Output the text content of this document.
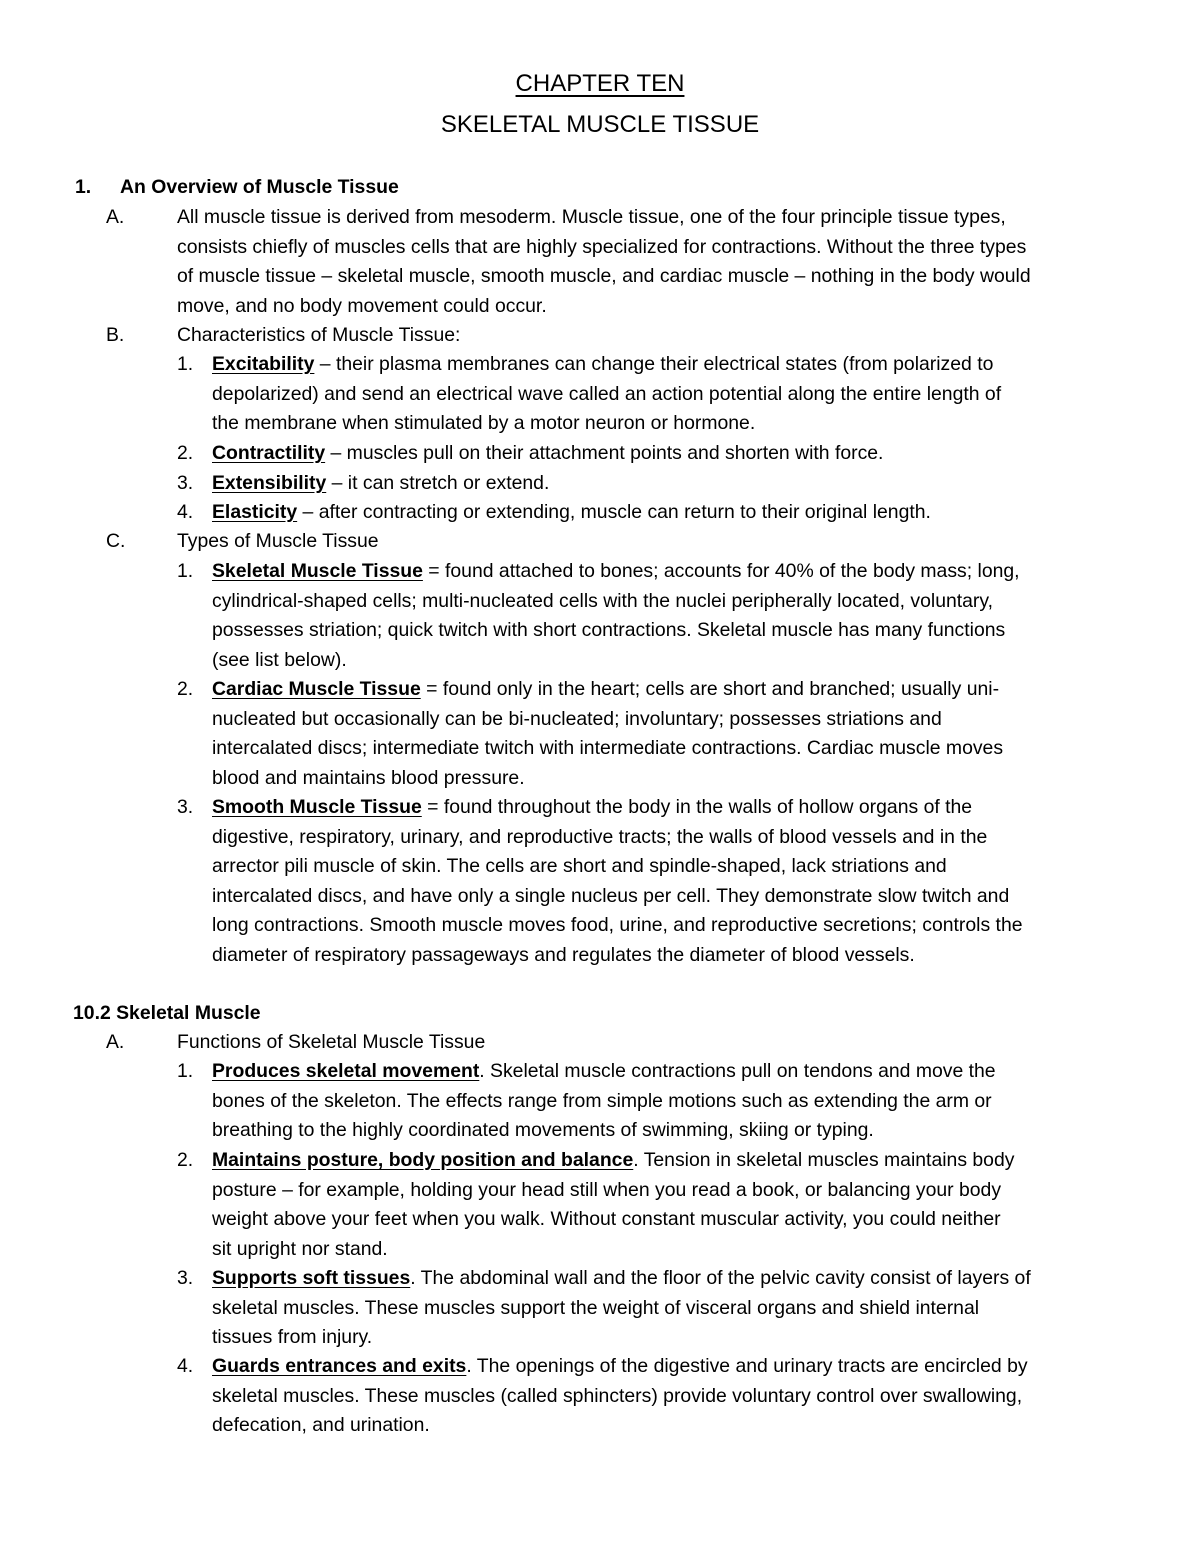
CHAPTER TEN
SKELETAL MUSCLE TISSUE
1. An Overview of Muscle Tissue
A.	All muscle tissue is derived from mesoderm. Muscle tissue, one of the four principle tissue types,
consists chiefly of muscles cells that are highly specialized for contractions. Without the three types
of muscle tissue – skeletal muscle, smooth muscle, and cardiac muscle – nothing in the body would
move, and no body movement could occur.
B.	Characteristics of Muscle Tissue:
1. Excitability – their plasma membranes can change their electrical states (from polarized to
depolarized) and send an electrical wave called an action potential along the entire length of
the membrane when stimulated by a motor neuron or hormone.
2. Contractility – muscles pull on their attachment points and shorten with force.
3. Extensibility – it can stretch or extend.
4. Elasticity – after contracting or extending, muscle can return to their original length.
C.	Types of Muscle Tissue
1. Skeletal Muscle Tissue = found attached to bones; accounts for 40% of the body mass; long,
cylindrical-shaped cells; multi-nucleated cells with the nuclei peripherally located, voluntary,
possesses striation; quick twitch with short contractions. Skeletal muscle has many functions
(see list below).
2. Cardiac Muscle Tissue = found only in the heart; cells are short and branched; usually uni-
nucleated but occasionally can be bi-nucleated; involuntary; possesses striations and
intercalated discs; intermediate twitch with intermediate contractions. Cardiac muscle moves
blood and maintains blood pressure.
3. Smooth Muscle Tissue = found throughout the body in the walls of hollow organs of the
digestive, respiratory, urinary, and reproductive tracts; the walls of blood vessels and in the
arrector pili muscle of skin. The cells are short and spindle-shaped, lack striations and
intercalated discs, and have only a single nucleus per cell. They demonstrate slow twitch and
long contractions. Smooth muscle moves food, urine, and reproductive secretions; controls the
diameter of respiratory passageways and regulates the diameter of blood vessels.
10.2 Skeletal Muscle
A.	Functions of Skeletal Muscle Tissue
1. Produces skeletal movement. Skeletal muscle contractions pull on tendons and move the
bones of the skeleton. The effects range from simple motions such as extending the arm or
breathing to the highly coordinated movements of swimming, skiing or typing.
2. Maintains posture, body position and balance. Tension in skeletal muscles maintains body
posture – for example, holding your head still when you read a book, or balancing your body
weight above your feet when you walk. Without constant muscular activity, you could neither
sit upright nor stand.
3. Supports soft tissues. The abdominal wall and the floor of the pelvic cavity consist of layers of
skeletal muscles. These muscles support the weight of visceral organs and shield internal
tissues from injury.
4. Guards entrances and exits. The openings of the digestive and urinary tracts are encircled by
skeletal muscles. These muscles (called sphincters) provide voluntary control over swallowing,
defecation, and urination.
